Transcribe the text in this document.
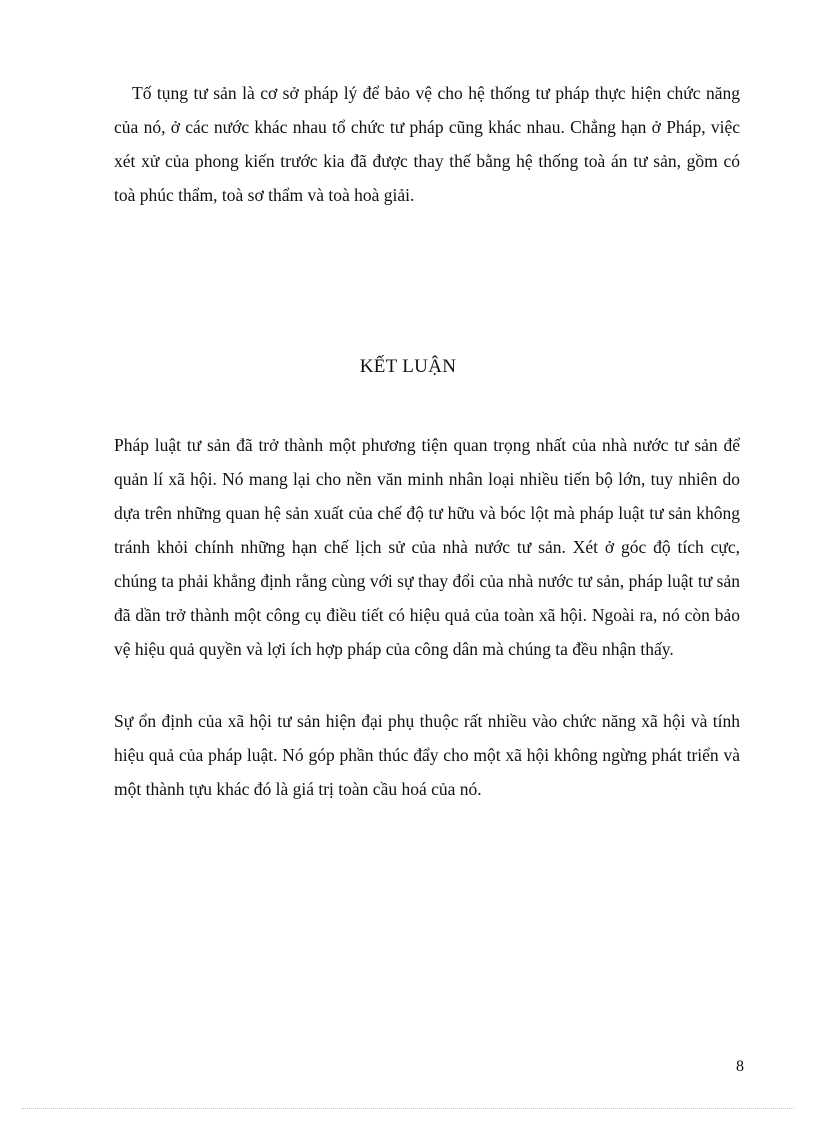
Tố tụng tư sản là cơ sở pháp lý để bảo vệ cho hệ thống tư pháp thực hiện chức năng của nó, ở các nước khác nhau tổ chức tư pháp cũng khác nhau. Chẳng hạn ở Pháp, việc xét xử của phong kiến trước kia đã được thay thế bằng hệ thống toà án tư sản, gồm có toà phúc thẩm, toà sơ thẩm và toà hoà giải.

KẾT LUẬN

Pháp luật tư sản đã trở thành một phương tiện quan trọng nhất của nhà nước tư sản để quản lí xã hội. Nó mang lại cho nền văn minh nhân loại nhiều tiến bộ lớn, tuy nhiên do dựa trên những quan hệ sản xuất của chế độ tư hữu và bóc lột mà pháp luật tư sản không tránh khỏi chính những hạn chế lịch sử của nhà nước tư sản. Xét ở góc độ tích cực, chúng ta phải khẳng định rằng cùng với sự thay đổi của nhà nước tư sản, pháp luật tư sản đã dần trở thành một công cụ điều tiết có hiệu quả của toàn xã hội. Ngoài ra, nó còn bảo vệ hiệu quả quyền và lợi ích hợp pháp của công dân mà chúng ta đều nhận thấy.

Sự ổn định của xã hội tư sản hiện đại phụ thuộc rất nhiều vào chức năng xã hội và tính hiệu quả của pháp luật. Nó góp phần thúc đẩy cho một xã hội không ngừng phát triển và một thành tựu khác đó là giá trị toàn cầu hoá của nó.

8
